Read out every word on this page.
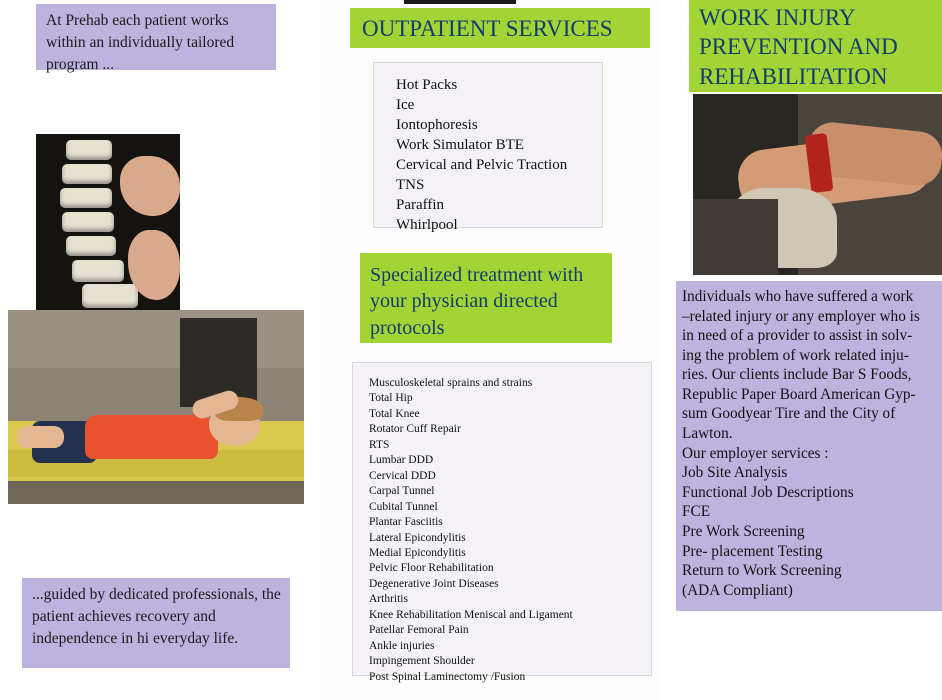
At Prehab each patient works within an individually tailored program ...
...guided by dedicated professionals, the patient achieves recovery and independence in hi everyday life.
OUTPATIENT SERVICES
Hot Packs
Ice
Iontophoresis
Work Simulator BTE
Cervical and Pelvic Traction
TNS
Paraffin
Whirlpool
Specialized treatment with your physician directed protocols
Musculoskeletal sprains and strains
Total Hip
Total Knee
Rotator Cuff Repair
RTS
Lumbar DDD
Cervical DDD
Carpal Tunnel
Cubital Tunnel
Plantar Fasciitis
Lateral Epicondylitis
Medial Epicondylitis
Pelvic Floor Rehabilitation
Degenerative Joint Diseases
Arthritis
Knee Rehabilitation Meniscal and Ligament
Patellar Femoral Pain
Ankle injuries
Impingement Shoulder
Post Spinal Laminectomy /Fusion
WORK INJURY PREVENTION AND REHABILITATION
Individuals who have suffered a work
–related injury or any employer who is
in need of a provider to assist in solv-
ing the problem of work related inju-
ries. Our clients include Bar S Foods,
Republic Paper Board American Gyp-
sum Goodyear Tire and the City of
Lawton.
Our employer services :
Job Site Analysis
Functional Job Descriptions
FCE
Pre Work Screening
Pre- placement Testing
Return to Work Screening
(ADA Compliant)
